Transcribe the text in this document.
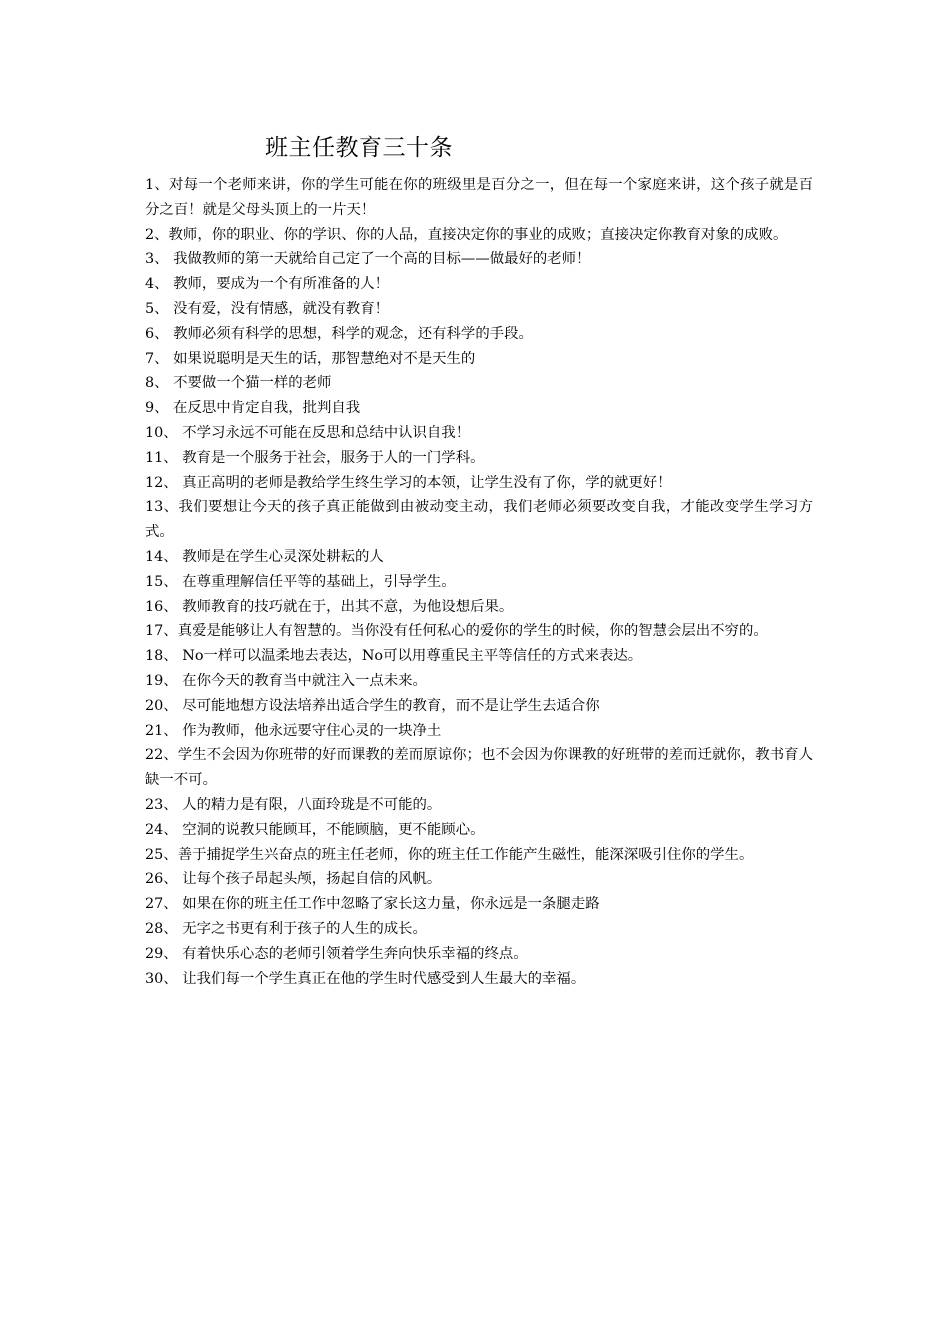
班主任教育三十条
1、对每一个老师来讲，你的学生可能在你的班级里是百分之一，但在每一个家庭来讲，这个孩子就是百分之百！就是父母头顶上的一片天！
2、教师，你的职业、你的学识、你的人品，直接决定你的事业的成败；直接决定你教育对象的成败。
3、 我做教师的第一天就给自己定了一个高的目标——做最好的老师！
4、 教师，要成为一个有所准备的人！
5、 没有爱，没有情感，就没有教育！
6、 教师必须有科学的思想，科学的观念，还有科学的手段。
7、 如果说聪明是天生的话，那智慧绝对不是天生的
8、 不要做一个猫一样的老师
9、 在反思中肯定自我，批判自我
10、 不学习永远不可能在反思和总结中认识自我！
11、 教育是一个服务于社会，服务于人的一门学科。
12、 真正高明的老师是教给学生终生学习的本领，让学生没有了你，学的就更好！
13、我们要想让今天的孩子真正能做到由被动变主动，我们老师必须要改变自我，才能改变学生学习方式。
14、 教师是在学生心灵深处耕耘的人
15、 在尊重理解信任平等的基础上，引导学生。
16、 教师教育的技巧就在于，出其不意，为他设想后果。
17、真爱是能够让人有智慧的。当你没有任何私心的爱你的学生的时候，你的智慧会层出不穷的。
18、 No一样可以温柔地去表达，No可以用尊重民主平等信任的方式来表达。
19、 在你今天的教育当中就注入一点未来。
20、 尽可能地想方设法培养出适合学生的教育，而不是让学生去适合你
21、 作为教师，他永远要守住心灵的一块净土
22、学生不会因为你班带的好而课教的差而原谅你；也不会因为你课教的好班带的差而迁就你，教书育人缺一不可。
23、 人的精力是有限，八面玲珑是不可能的。
24、 空洞的说教只能顾耳，不能顾脑，更不能顾心。
25、善于捕捉学生兴奋点的班主任老师，你的班主任工作能产生磁性，能深深吸引住你的学生。
26、 让每个孩子昂起头颅，扬起自信的风帆。
27、 如果在你的班主任工作中忽略了家长这力量，你永远是一条腿走路
28、 无字之书更有利于孩子的人生的成长。
29、 有着快乐心态的老师引领着学生奔向快乐幸福的终点。
30、 让我们每一个学生真正在他的学生时代感受到人生最大的幸福。
